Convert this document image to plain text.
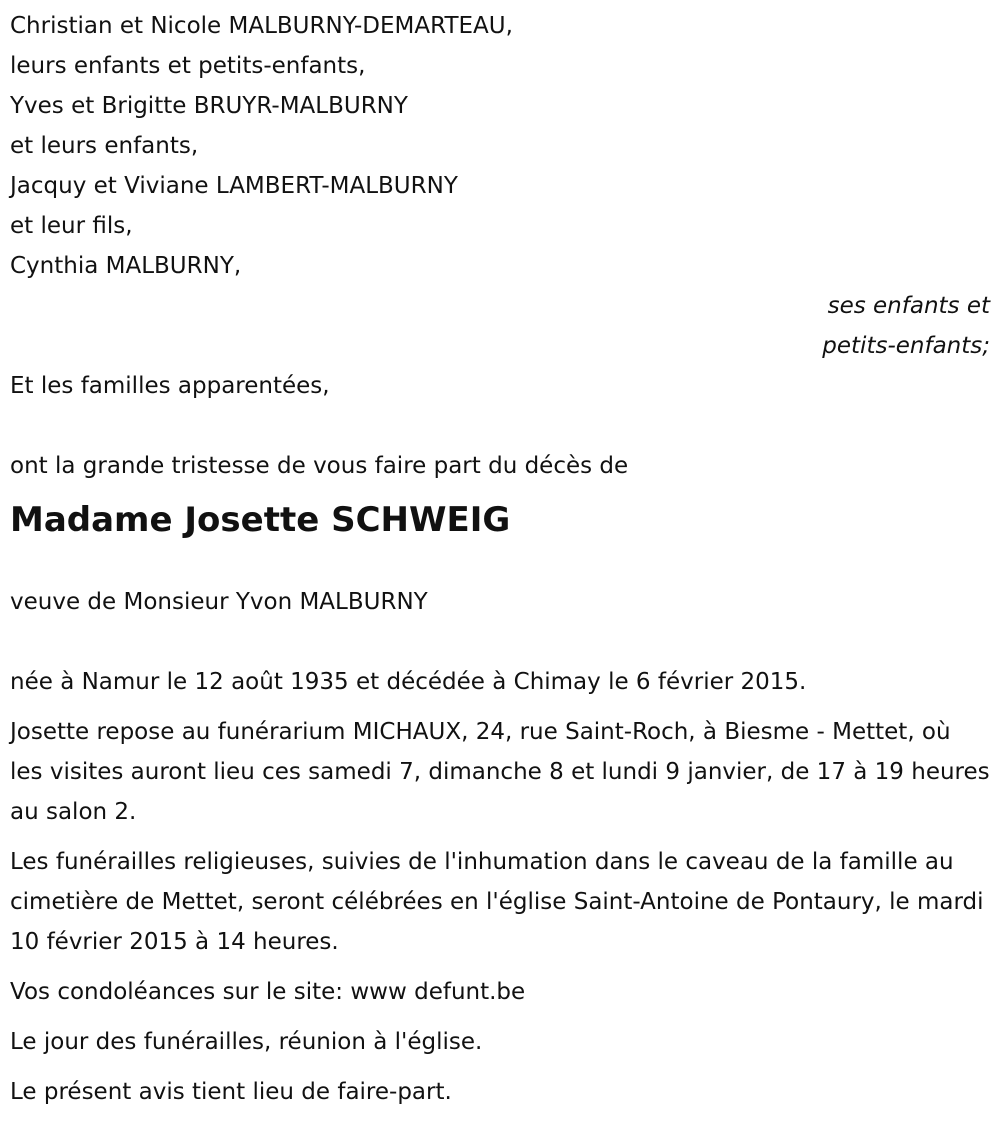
Christian et Nicole MALBURNY-DEMARTEAU,
leurs enfants et petits-enfants,
Yves et Brigitte BRUYR-MALBURNY
et leurs enfants,
Jacquy et Viviane LAMBERT-MALBURNY
et leur fils,
Cynthia MALBURNY,
ses enfants et
petits-enfants;
Et les familles apparentées,
ont la grande tristesse de vous faire part du décès de
Madame Josette SCHWEIG
veuve de Monsieur Yvon MALBURNY
née à Namur le 12 août 1935 et décédée à Chimay le 6 février 2015.
Josette repose au funérarium MICHAUX, 24, rue Saint-Roch, à Biesme - Mettet, où les visites auront lieu ces samedi 7, dimanche 8 et lundi 9 janvier, de 17 à 19 heures au salon 2.
Les funérailles religieuses, suivies de l'inhumation dans le caveau de la famille au cimetière de Mettet, seront célébrées en l'église Saint-Antoine de Pontaury, le mardi 10 février 2015 à 14 heures.
Vos condoléances sur le site: www defunt.be
Le jour des funérailles, réunion à l'église.
Le présent avis tient lieu de faire-part.
